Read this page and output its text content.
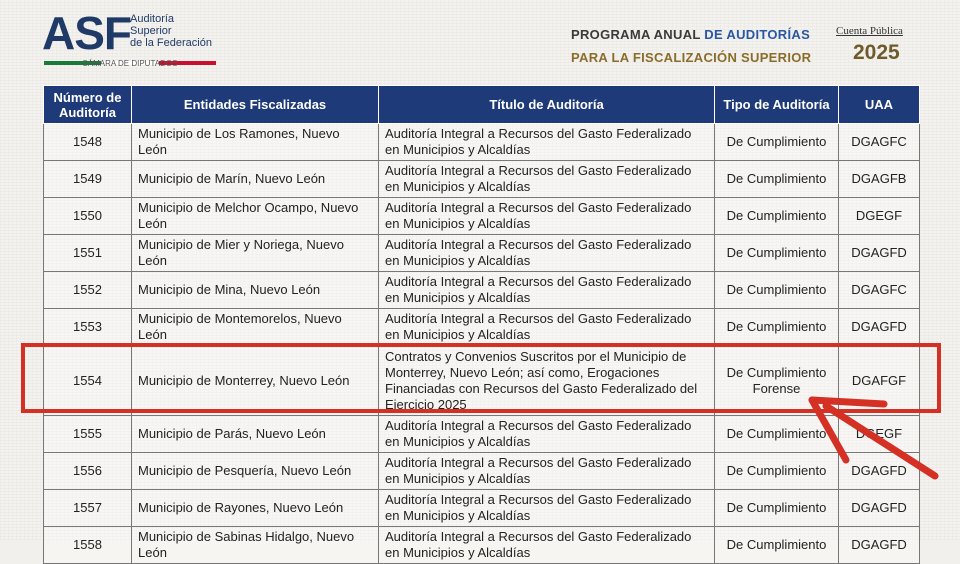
ASF Auditoría
Superior
de la Federación
CÁMARA DE DIPUTADOS
PROGRAMA ANUAL DE AUDITORÍAS
PARA LA FISCALIZACIÓN SUPERIOR
Cuenta Pública
2025
Número de Auditoría	Entidades Fiscalizadas	Título de Auditoría	Tipo de Auditoría	UAA
1548	Municipio de Los Ramones, Nuevo León	Auditoría Integral a Recursos del Gasto Federalizado en Municipios y Alcaldías	De Cumplimiento	DGAGFC
1549	Municipio de Marín, Nuevo León	Auditoría Integral a Recursos del Gasto Federalizado en Municipios y Alcaldías	De Cumplimiento	DGAGFB
1550	Municipio de Melchor Ocampo, Nuevo León	Auditoría Integral a Recursos del Gasto Federalizado en Municipios y Alcaldías	De Cumplimiento	DGEGF
1551	Municipio de Mier y Noriega, Nuevo León	Auditoría Integral a Recursos del Gasto Federalizado en Municipios y Alcaldías	De Cumplimiento	DGAGFD
1552	Municipio de Mina, Nuevo León	Auditoría Integral a Recursos del Gasto Federalizado en Municipios y Alcaldías	De Cumplimiento	DGAGFC
1553	Municipio de Montemorelos, Nuevo León	Auditoría Integral a Recursos del Gasto Federalizado en Municipios y Alcaldías	De Cumplimiento	DGAGFD
1554	Municipio de Monterrey, Nuevo León	Contratos y Convenios Suscritos por el Municipio de Monterrey, Nuevo León; así como, Erogaciones Financiadas con Recursos del Gasto Federalizado del Ejercicio 2025	De Cumplimiento Forense	DGAFGF
1555	Municipio de Parás, Nuevo León	Auditoría Integral a Recursos del Gasto Federalizado en Municipios y Alcaldías	De Cumplimiento	DGEGF
1556	Municipio de Pesquería, Nuevo León	Auditoría Integral a Recursos del Gasto Federalizado en Municipios y Alcaldías	De Cumplimiento	DGAGFD
1557	Municipio de Rayones, Nuevo León	Auditoría Integral a Recursos del Gasto Federalizado en Municipios y Alcaldías	De Cumplimiento	DGAGFD
1558	Municipio de Sabinas Hidalgo, Nuevo León	Auditoría Integral a Recursos del Gasto Federalizado en Municipios y Alcaldías	De Cumplimiento	DGAGFD
